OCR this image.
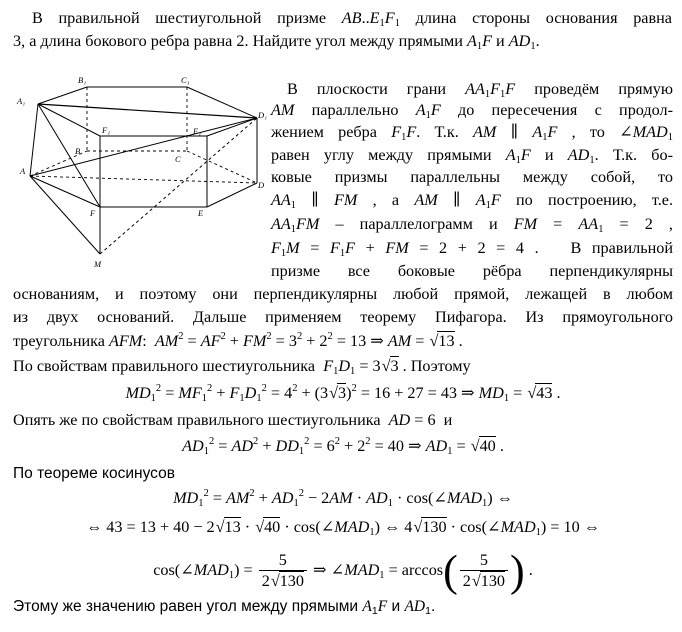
В правильной шестиугольной призме $AB..E_1F_1$ длина стороны основания равна
3, а длина бокового ребра равна 2. Найдите угол между прямыми $A_1F$ и $AD_1$.
A₁
B₁	C₁
D₁
E₁
F₁
A
B
C
D
E
F
M
В плоскости грани $AA_1F_1F$ проведём прямую
AM параллельно $A_1F$ до пересечения с продол-
жением ребра $F_1F$. Т.к. AM ∥ $A_1F$ , то $\angle MAD_1$
равен углу между прямыми $A_1F$ и $AD_1$. Т.к. бо-
ковые призмы параллельны между собой, то
$AA_1$ ∥ FM , а AM ∥ $A_1F$ по построению, т.е.
$AA_1FM$ – параллелограмм и FM = $AA_1 = 2$ ,
$F_1M = F_1F$ + FM = 2 + 2 = 4 .   В правильной
призме все боковые рёбра перпендикулярны
основаниям, и поэтому они перпендикулярны любой прямой, лежащей в любом
из двух оснований. Дальше применяем теорему Пифагора. Из прямоугольного
треугольника AFM:  $AM^2 = AF^2 + FM^2 = 3^2 + 2^2 = 13$ ⇒ AM = √ 13 .
По свойствам правильного шестиугольника  $F_1D_1 = 3√$ 3 . Поэтому
$MD_1^2 = MF_1^2 + F_1D_1^2 = 4^2 + (3√$ 3)$^2$ = 16 + 27 = 43 ⇒ $MD_1$ = √ 43 .
Опять же по свойствам правильного шестиугольника  AD = 6  и
$AD_1^2 = AD^2 + DD_1^2 = 6^2 + 2^2 = 40$ ⇒ $AD_1$ = √ 40 .
По теореме косинусов
$MD_1^2 = AM^2 + AD_1^2 - 2AM \cdot AD_1$ · $\cos(\angle MAD_1)$ ⇔
⇔ 43 = 13 + 40 − 2√ 13 · √ $40 \cdot \cos(\angle MAD_1)$ ⇔ 4√ $130 \cdot \cos(\angle MAD_1) = 10$ ⇔
$\cos(\angle MAD_1) = \frac{5}{2√ 130}$ ⇒ $\angle MAD_1 = \arccos( \frac{5}{2√ 130}$ ) .
Этому же значению равен угол между прямыми $A_1F$ и $AD_1$.
